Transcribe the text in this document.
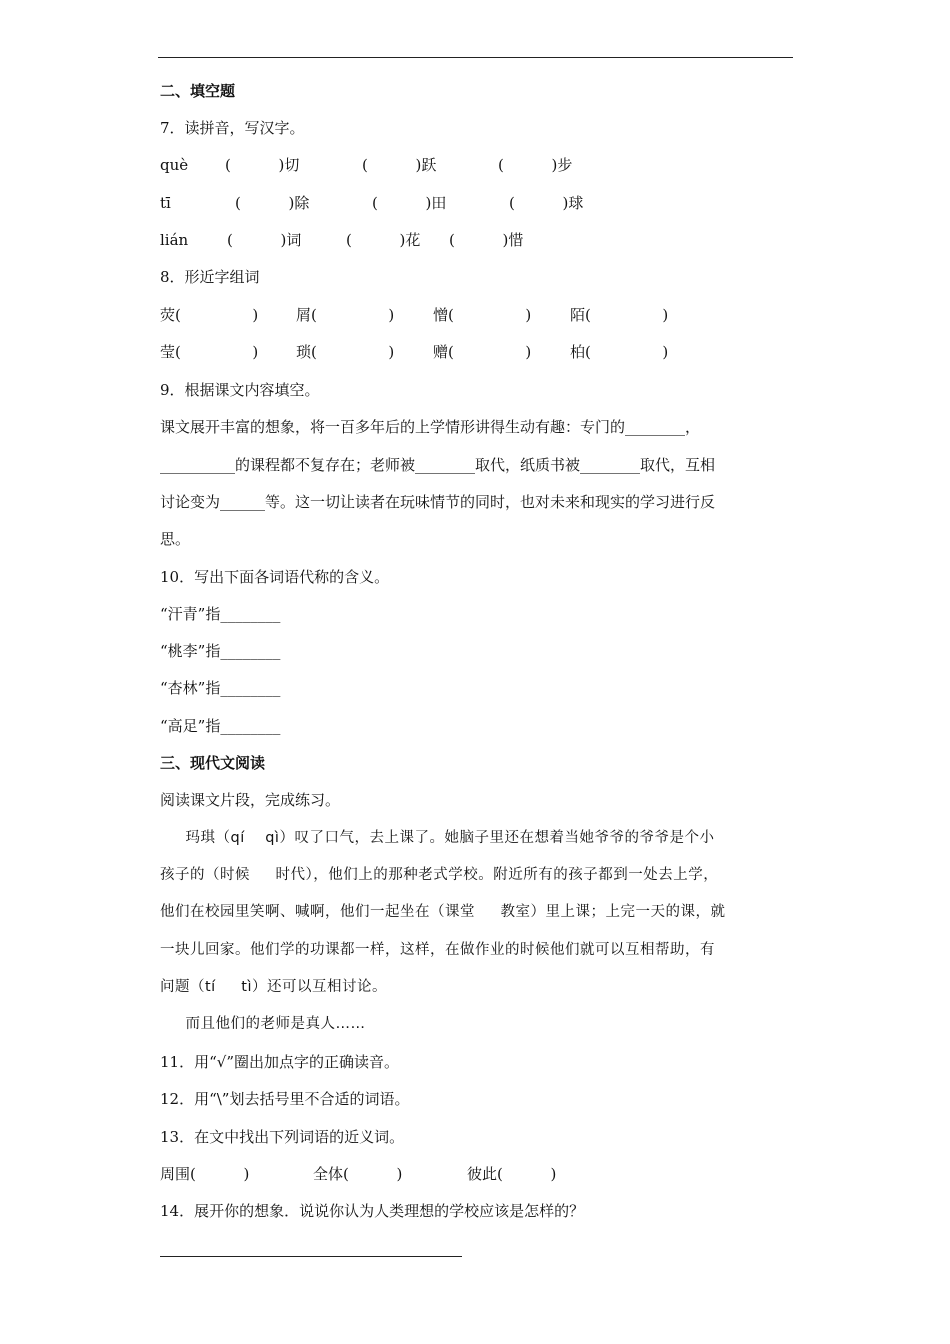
二、填空题
7．读拼音，写汉字。
què (          )切	(          )跃	(          )步
tī	(          )除	(          )田	(          )球
lián	(          )词	(          )花 (          )惜
8．形近字组词
荧(               )	屑(               )	憎(               )	陌(               )
莹(               )	琐(               )	赠(               )	柏(               )
9．根据课文内容填空。
课文展开丰富的想象，将一百多年后的上学情形讲得生动有趣：专门的________，
__________的课程都不复存在；老师被________取代，纸质书被________取代，互相
讨论变为______等。这一切让读者在玩味情节的同时，也对未来和现实的学习进行反
思。
10．写出下面各词语代称的含义。
“汗青”指________
“桃李”指________
“杏林”指________
“高足”指________
三、现代文阅读
阅读课文片段，完成练习。
玛琪（qí    qì）叹了口气，去上课了。她脑子里还在想着当她爷爷的爷爷是个小
孩子的（时候     时代），他们上的那种老式学校。附近所有的孩子都到一处去上学，
他们在校园里笑啊、喊啊，他们一起坐在（课堂     教室）里上课；上完一天的课，就
一块儿回家。他们学的功课都一样，这样，在做作业的时候他们就可以互相帮助，有
问题（tí     tì）还可以互相讨论。
而且他们的老师是真人……
11．用“√”圈出加点字的正确读音。
12．用“\”划去括号里不合适的词语。
13．在文中找出下列词语的近义词。
周围(          )	全体(          )	彼此(          )
14．展开你的想象．说说你认为人类理想的学校应该是怎样的？
